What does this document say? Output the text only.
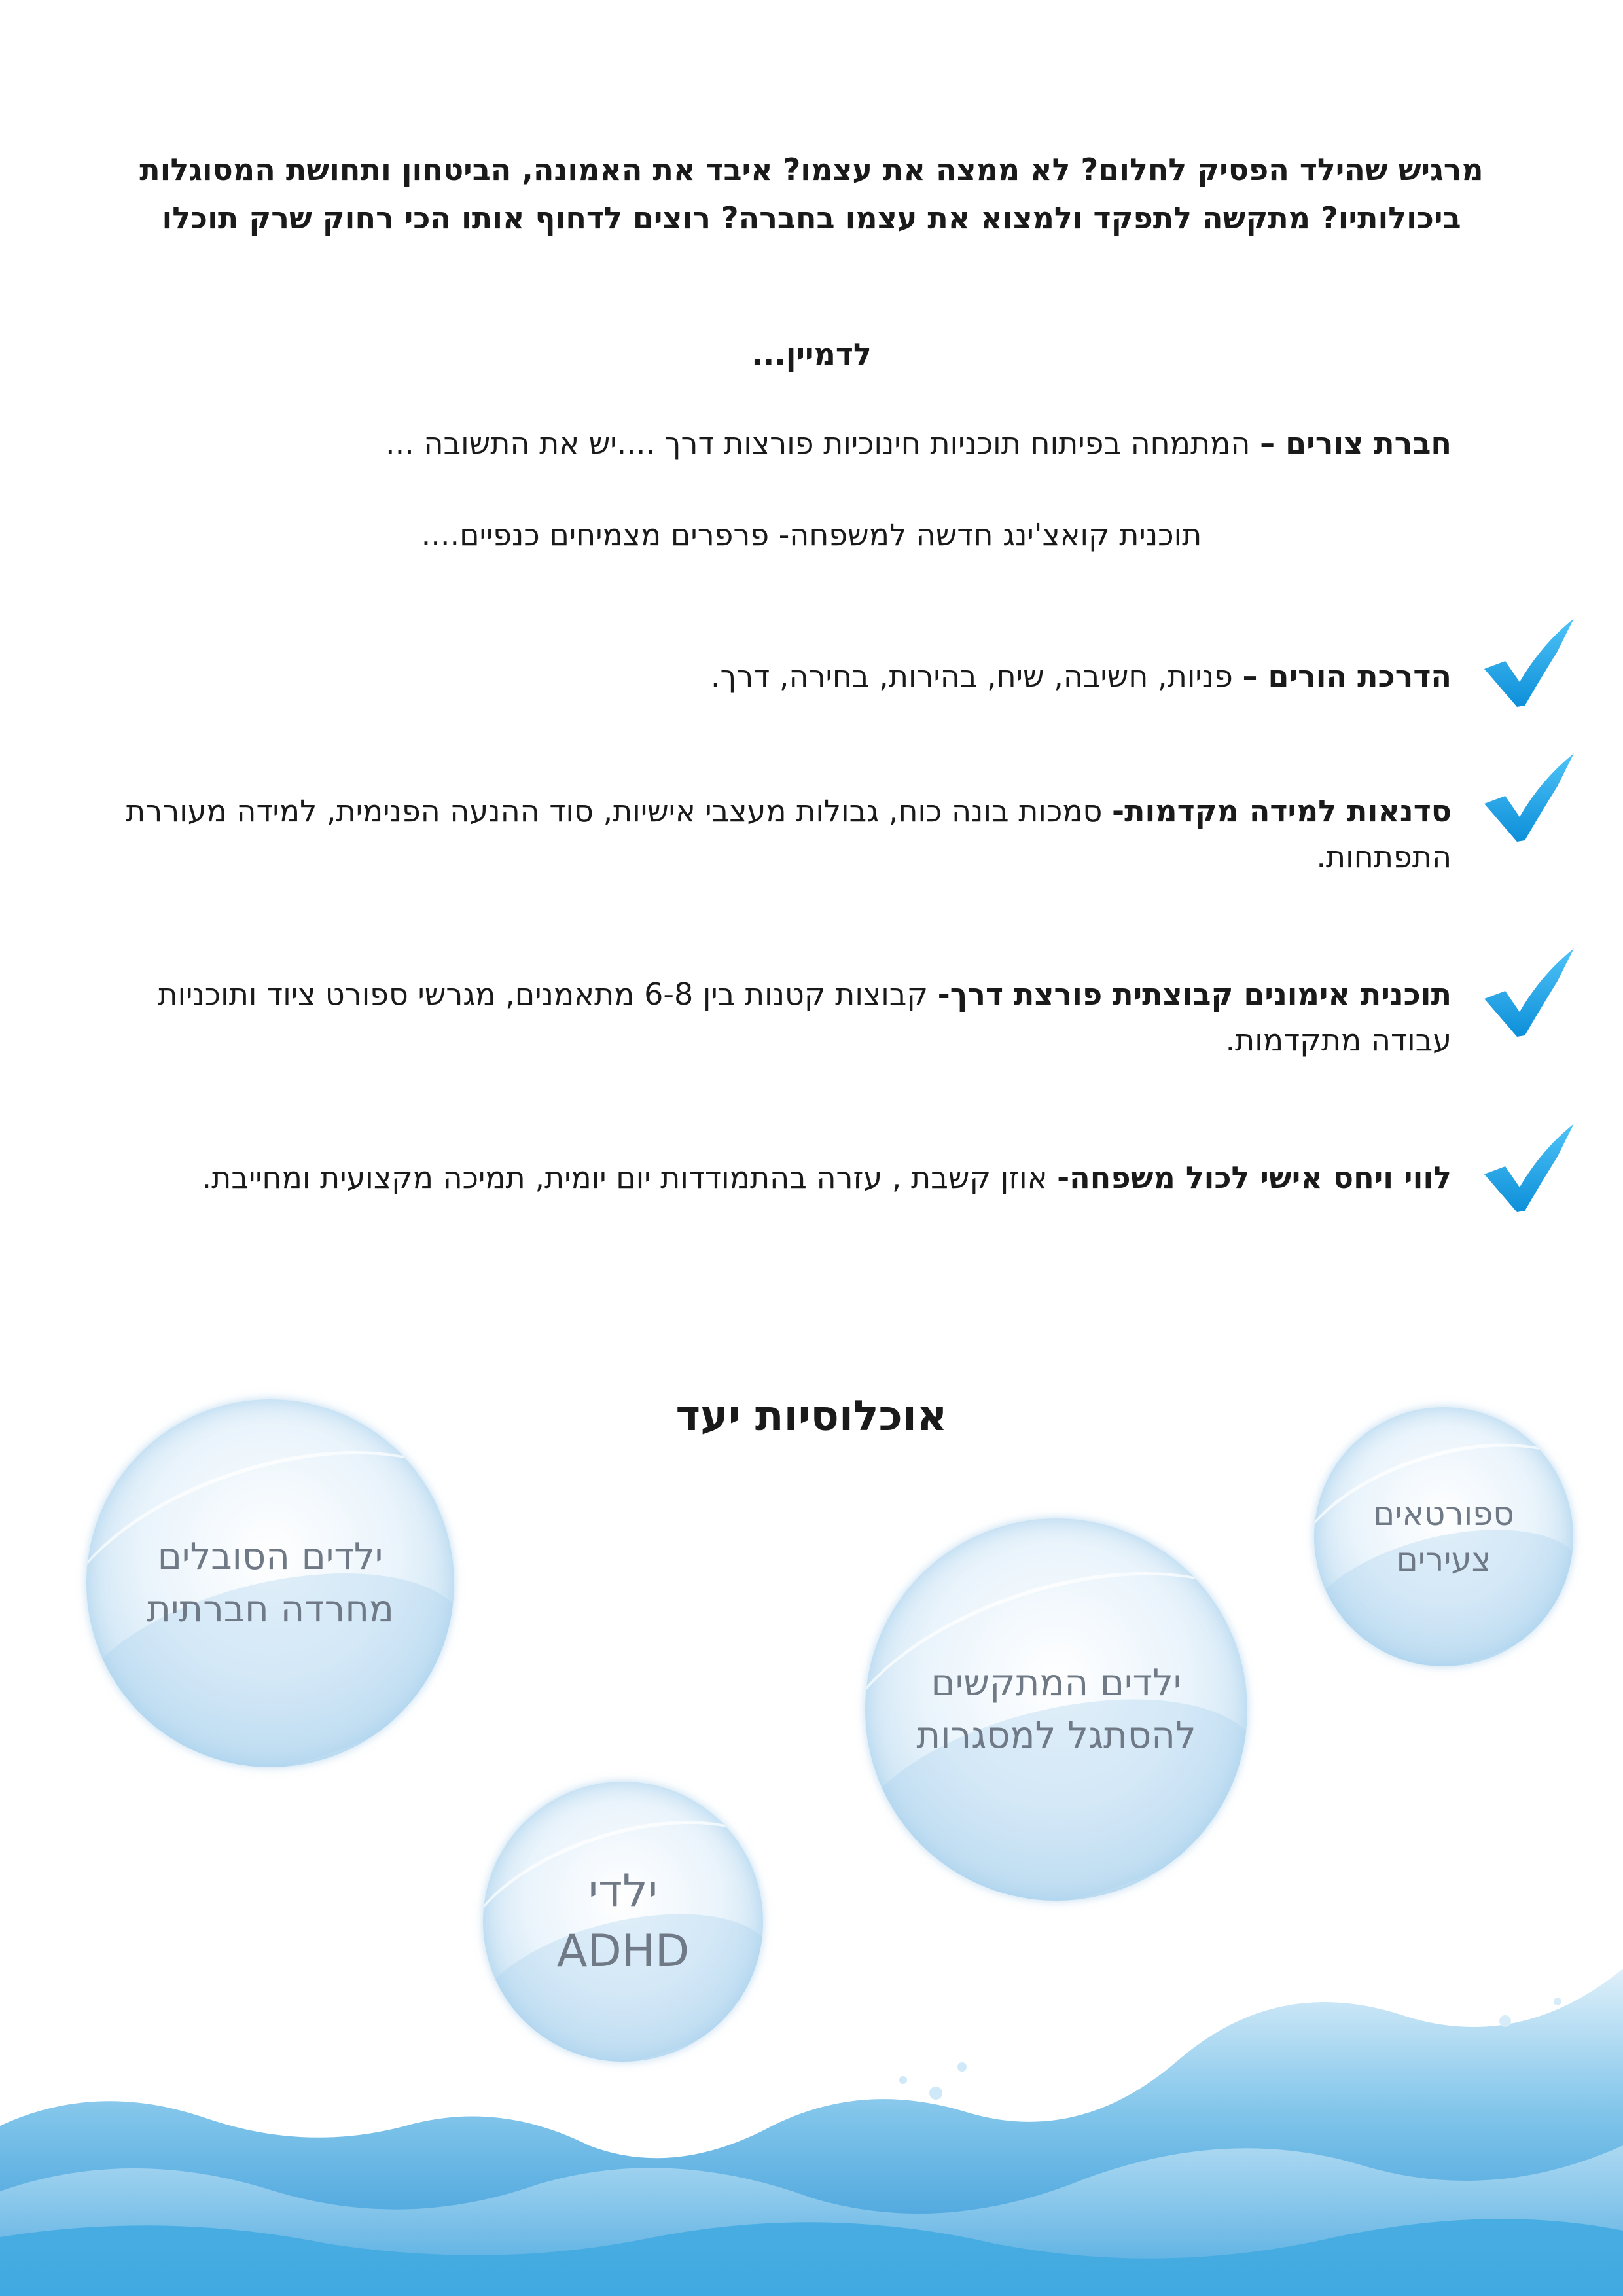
מרגיש שהילד הפסיק לחלום? לא ממצה את עצמו? איבד את האמונה, הביטחון ותחושת המסוגלות ביכולותיו? מתקשה לתפקד ולמצוא את עצמו בחברה? רוצים לדחוף אותו הכי רחוק שרק תוכלו

לדמיין...

חברת צורים – המתמחה בפיתוח תוכניות חינוכיות פורצות דרך ....יש את התשובה ...

תוכנית קואצ'ינג חדשה למשפחה- פרפרים מצמיחים כנפיים....

הדרכת הורים – פניות, חשיבה, שיח, בהירות, בחירה, דרך.

סדנאות למידה מקדמות- סמכות בונה כוח, גבולות מעצבי אישיות, סוד ההנעה הפנימית, למידה מעוררת התפתחות.

תוכנית אימונים קבוצתית פורצת דרך- קבוצות קטנות בין 6-8 מתאמנים, מגרשי ספורט ציוד ותוכניות עבודה מתקדמות.

לווי ויחס אישי לכול משפחה- אוזן קשבת , עזרה בהתמודדות יום יומית, תמיכה מקצועית ומחייבת.

אוכלוסיות יעד
ספורטאים
צעירים
ילדים המתקשים
להסתגל למסגרות
ילדים הסובלים
מחרדה חברתית
ילדי
ADHD
